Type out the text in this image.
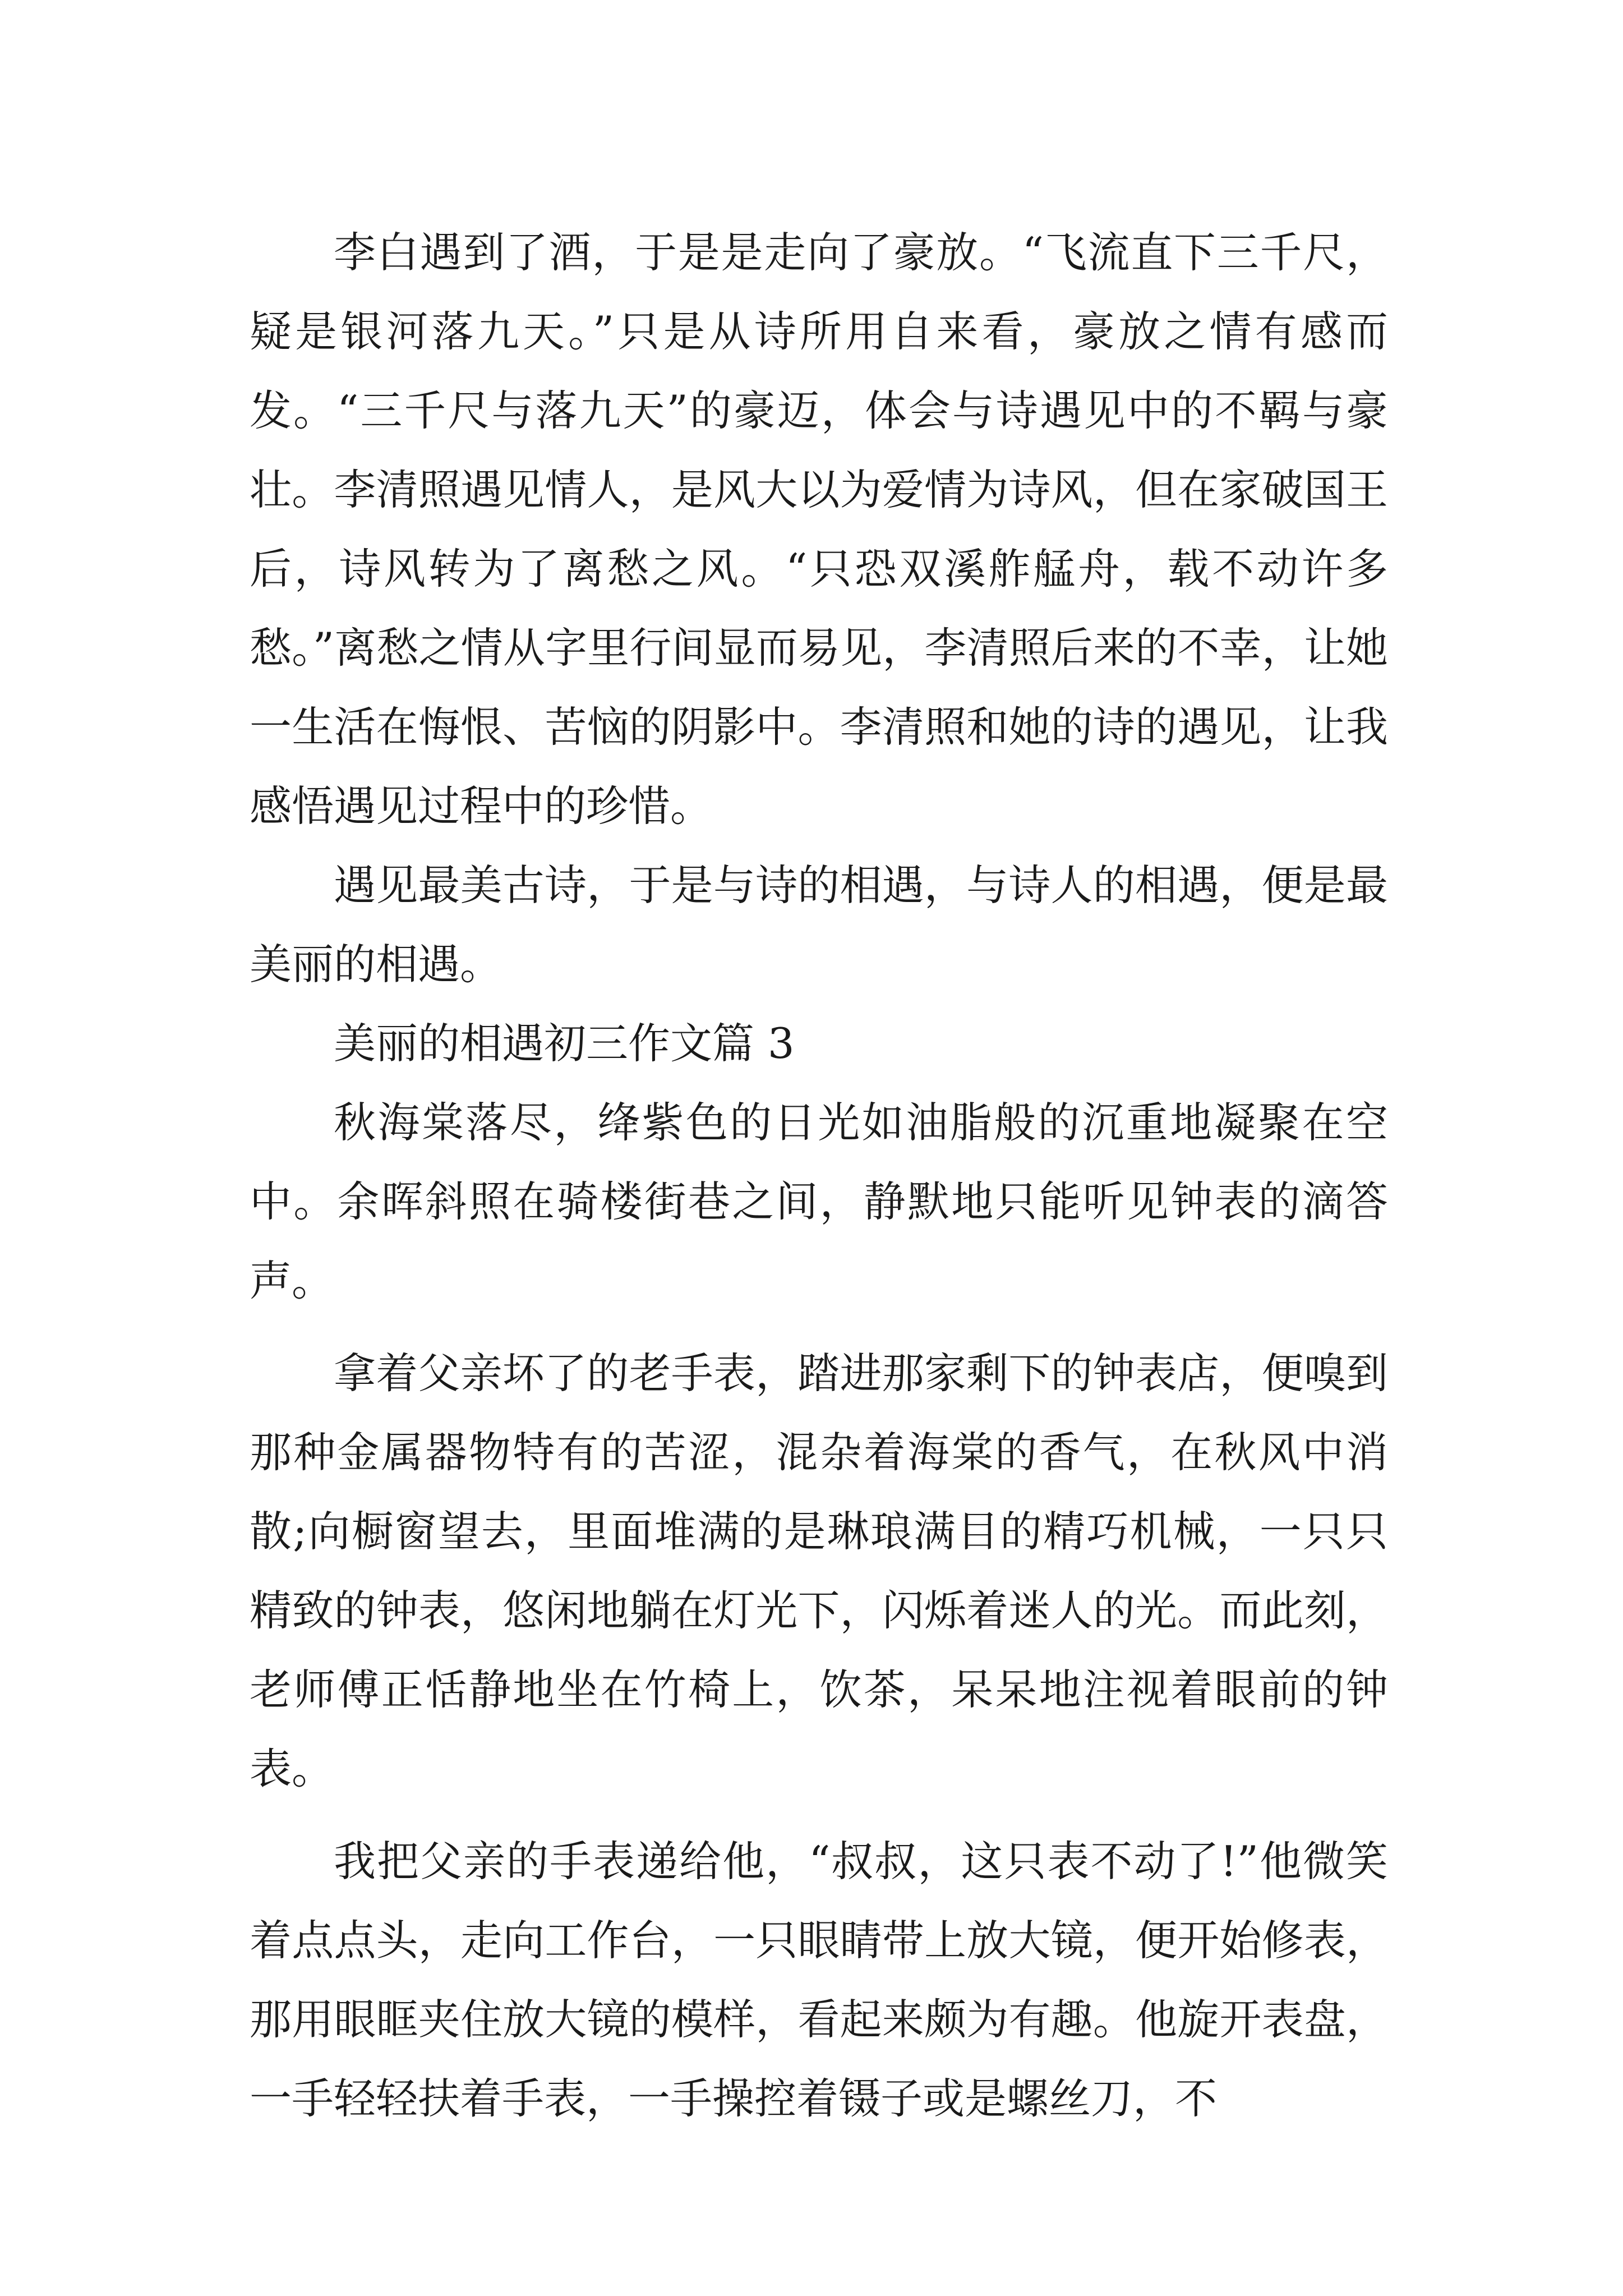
李白遇到了酒，于是是走向了豪放。“飞流直下三千尺，疑是银河落九天。”只是从诗所用自来看，豪放之情有感而发。“三千尺与落九天”的豪迈，体会与诗遇见中的不羁与豪壮。李清照遇见情人，是风大以为爱情为诗风，但在家破国王后，诗风转为了离愁之风。“只恐双溪舴艋舟，载不动许多愁。”离愁之情从字里行间显而易见，李清照后来的不幸，让她一生活在悔恨、苦恼的阴影中。李清照和她的诗的遇见，让我感悟遇见过程中的珍惜。

遇见最美古诗，于是与诗的相遇，与诗人的相遇，便是最美丽的相遇。

美丽的相遇初三作文篇 3

秋海棠落尽，绛紫色的日光如油脂般的沉重地凝聚在空中。余晖斜照在骑楼街巷之间，静默地只能听见钟表的滴答声。

拿着父亲坏了的老手表，踏进那家剩下的钟表店，便嗅到那种金属器物特有的苦涩，混杂着海棠的香气，在秋风中消散;向橱窗望去，里面堆满的是琳琅满目的精巧机械，一只只精致的钟表，悠闲地躺在灯光下，闪烁着迷人的光。而此刻，老师傅正恬静地坐在竹椅上，饮茶，呆呆地注视着眼前的钟表。

我把父亲的手表递给他，“叔叔，这只表不动了!”他微笑着点点头，走向工作台，一只眼睛带上放大镜，便开始修表，那用眼眶夹住放大镜的模样，看起来颇为有趣。他旋开表盘，一手轻轻扶着手表，一手操控着镊子或是螺丝刀，不
